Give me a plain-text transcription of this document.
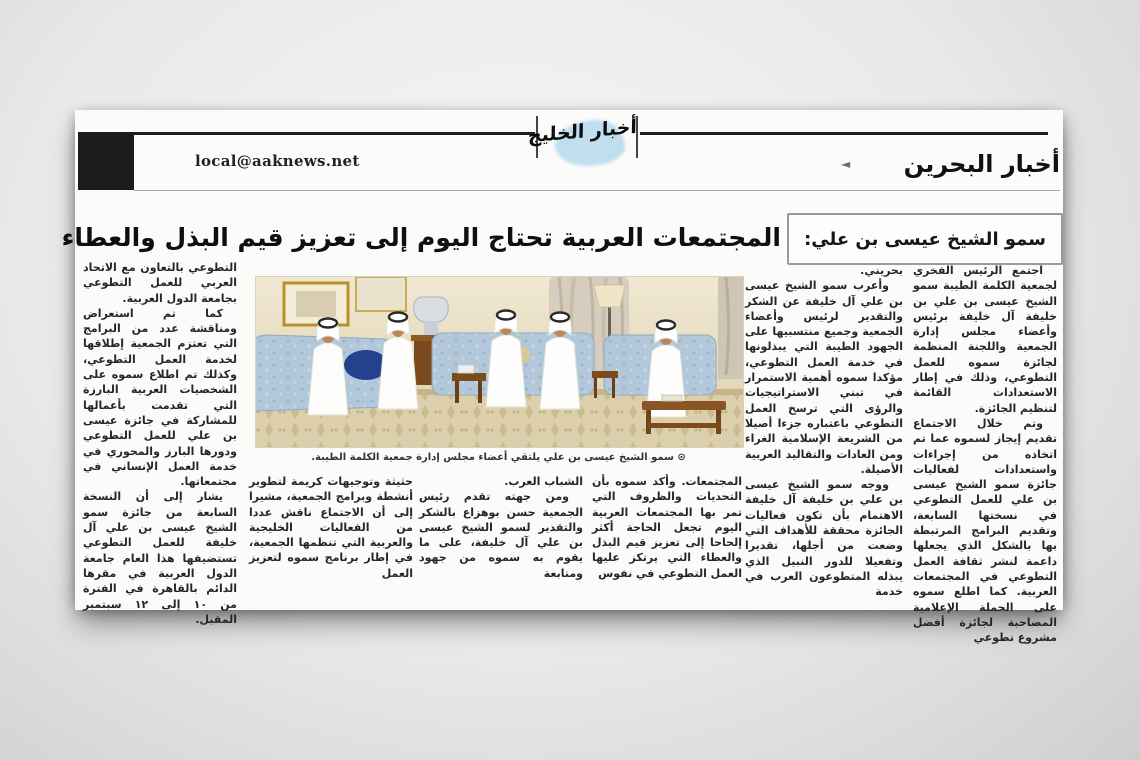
local@aaknews.net
أخبار الخليج
أخبار البحرين
◄
سمو الشيخ عيسى بن علي:
المجتمعات العربية تحتاج اليوم إلى تعزيز قيم البذل والعطاء

اجتمع الرئيس الفخري لجمعية الكلمة الطيبة سمو الشيخ عيسى بن علي بن خليفة آل خليفة برئيس وأعضاء مجلس إدارة الجمعية واللجنة المنظمة لجائزة سموه للعمل التطوعي، وذلك في إطار الاستعدادات القائمة لتنظيم الجائزة.

وتم خلال الاجتماع تقديم إيجاز لسموه عما تم اتخاذه من إجراءات واستعدادات لفعاليات جائزة سمو الشيخ عيسى بن علي للعمل التطوعي في نسختها السابعة، وتقديم البرامج المرتبطة بها بالشكل الذي يجعلها داعمة لنشر ثقافة العمل التطوعي في المجتمعات العربية. كما اطلع سموه على الحملة الإعلامية المصاحبة لجائزة أفضل مشروع تطوعي

بحريني.

وأعرب سمو الشيخ عيسى بن علي آل خليفة عن الشكر والتقدير لرئيس وأعضاء الجمعية وجميع منتسبيها على الجهود الطيبة التي يبذلونها في خدمة العمل التطوعي، مؤكدا سموه أهمية الاستمرار في تبني الاستراتيجيات والرؤى التي ترسخ العمل التطوعي باعتباره جزءا أصيلا من الشريعة الإسلامية الغراء ومن العادات والتقاليد العربية الأصيلة.

ووجه سمو الشيخ عيسى بن علي بن خليفة آل خليفة الاهتمام بأن تكون فعاليات الجائزة محققة للأهداف التي وضعت من أجلها، تقديرا وتفعيلا للدور النبيل الذي يبذله المتطوعون العرب في خدمة

⊙ سمو الشيخ عيسى بن علي يلتقي أعضاء مجلس إدارة جمعية الكلمة الطيبة.

المجتمعات. وأكد سموه بأن التحديات والظروف التي تمر بها المجتمعات العربية اليوم تجعل الحاجة أكثر إلحاحا إلى تعزيز قيم البذل والعطاء التي يرتكز عليها العمل التطوعي في نفوس

الشباب العرب.

ومن جهته تقدم رئيس الجمعية حسن بوهزاع بالشكر والتقدير لسمو الشيخ عيسى بن علي آل خليفة، على ما يقوم به سموه من جهود ومتابعة

حثيثة وتوجيهات كريمة لتطوير أنشطة وبرامج الجمعية، مشيرا إلى أن الاجتماع ناقش عددا من الفعاليات الخليجية والعربية التي تنظمها الجمعية، في إطار برنامج سموه لتعزيز العمل

التطوعي بالتعاون مع الاتحاد العربي للعمل التطوعي بجامعة الدول العربية.

كما تم استعراض ومناقشة عدد من البرامج التي تعتزم الجمعية إطلاقها لخدمة العمل التطوعي، وكذلك تم اطلاع سموه على الشخصيات العربية البارزة التي تقدمت بأعمالها للمشاركة في جائزة عيسى بن علي للعمل التطوعي ودورها البارز والمحوري في خدمة العمل الإنساني في مجتمعاتها.

يشار إلى أن النسخة السابعة من جائزة سمو الشيخ عيسى بن علي آل خليفة للعمل التطوعي تستضيفها هذا العام جامعة الدول العربية في مقرها الدائم بالقاهرة في الفترة من ١٠ إلى ١٢ سبتمبر المقبل.
